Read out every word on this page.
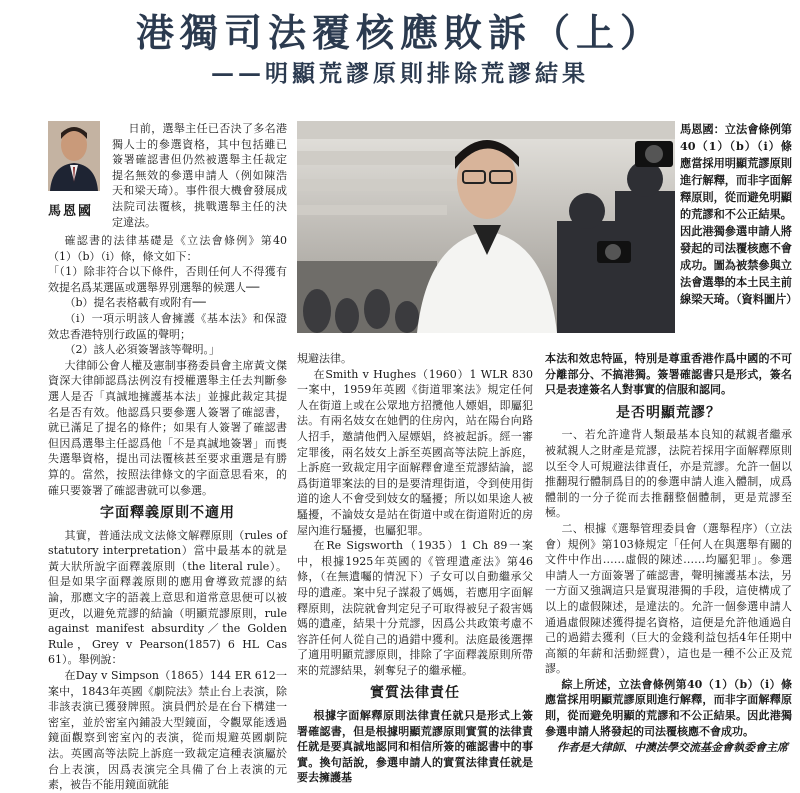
港獨司法覆核應敗訴（上）
——明顯荒謬原則排除荒謬結果
馬恩國

日前，選舉主任已否決了多名港獨人士的參選資格，其中包括雖已簽署確認書但仍然被選舉主任裁定提名無效的參選申請人（例如陳浩天和梁天琦）。事件很大機會發展成法院司法覆核，挑戰選舉主任的決定違法。

確認書的法律基礎是《立法會條例》第40（1）（b）（i）條，條文如下：

「（1）除非符合以下條件，否則任何人不得獲有效提名爲某選區或選舉界別選舉的候選人──

（b）提名表格載有或附有──

（i）一項示明該人會擁護《基本法》和保證效忠香港特別行政區的聲明；

（2）該人必須簽署該等聲明。」

大律師公會人權及憲制事務委員會主席黃文傑資深大律師認爲法例沒有授權選舉主任去判斷參選人是否「真誠地擁護基本法」並據此裁定其提名是否有效。他認爲只要參選人簽署了確認書，就已滿足了提名的條件；如果有人簽署了確認書但因爲選舉主任認爲他「不是真誠地簽署」而喪失選舉資格，提出司法覆核甚至要求重選是有勝算的。當然，按照法律條文的字面意思看來，的確只要簽署了確認書就可以參選。

字面釋義原則不適用

其實，普通法成文法條文解釋原則（rules of statutory interpretation）當中最基本的就是黃大狀所說字面釋義原則（the literal rule）。但是如果字面釋義原則的應用會導致荒謬的結論，那應文字的語義上意思和道常意思便可以被更改，以避免荒謬的結論（明顯荒謬原則，rule against manifest absurdity／the Golden Rule，Grey v Pearson(1857) 6 HL Cas 61）。舉例說：

在Day v Simpson（1865）144 ER 612一案中，1843年英國《劇院法》禁止台上表演，除非該表演已獲發牌照。演員們於是在台下構建一密室，並於密室內鋪設大型鏡面，令觀眾能透過鏡面觀察到密室內的表演，從而規避英國劇院法。英國高等法院上訴庭一致裁定這種表演屬於台上表演，因爲表演完全具備了台上表演的元素，被告不能用鏡面就能

馬恩國：立法會條例第40（1）（b）（i）條應當採用明顯荒謬原則進行解釋，而非字面解釋原則，從而避免明顯的荒謬和不公正結果。因此港獨參選申請人將發起的司法覆核應不會成功。圖為被禁參與立法會選舉的本土民主前線梁天琦。（資料圖片）

規避法律。

在Smith v Hughes（1960）1 WLR 830一案中，1959年英國《街道罪案法》規定任何人在街道上或在公眾地方招攬他人嫖娼，即屬犯法。有兩名妓女在她們的住房內，站在陽台向路人招手，邀請他們入屋嫖娼，終被起訴。經一審定罪後，兩名妓女上訴至英國高等法院上訴庭，上訴庭一致裁定用字面解釋會違至荒謬結論，認爲街道罪案法的目的是要清理街道，令到使用街道的途人不會受到妓女的騷擾；所以如果途人被騷擾，不論妓女是站在街道中或在街道附近的房屋內進行騷擾，也屬犯罪。

在Re Sigsworth（1935）1 Ch 89一案中，根據1925年英國的《管理遺產法》第46條，（在無遺囑的情況下）子女可以自動繼承父母的遺產。案中兒子謀殺了媽媽，若應用字面解釋原則，法院就會判定兒子可取得被兒子殺害媽媽的遺產，結果十分荒謬，因爲公共政策考慮不容許任何人從自己的過錯中獲利。法庭最後選擇了適用明顯荒謬原則，排除了字面釋義原則所帶來的荒謬結果，剝奪兒子的繼承權。

實質法律責任

根據字面解釋原則法律責任就只是形式上簽署確認書，但是根據明顯荒謬原則實質的法律責任就是要真誠地認同和相信所簽的確認書中的事實。換句話說，參選申請人的實質法律責任就是要去擁護基

本法和效忠特區，特別是尊重香港作爲中國的不可分離部分、不搞港獨。簽署確認書只是形式，簽名只是表達簽名人對事實的信服和認同。

是否明顯荒謬？

一、若允許違背人類最基本良知的弒親者繼承被弒親人之財產是荒謬，法院若採用字面解釋原則以至令人可規避法律責任，亦是荒謬。允許一個以推翻現行體制爲目的的參選申請人進入體制，成爲體制的一分子從而去推翻整個體制，更是荒謬至極。

二、根據《選舉管理委員會（選舉程序）（立法會）規例》第103條規定「任何人在與選舉有關的文件中作出……虛假的陳述……均屬犯罪」。參選申請人一方面簽署了確認書，聲明擁護基本法，另一方面又強調這只是實現港獨的手段，這使構成了以上的虛假陳述，是違法的。允許一個參選申請人通過虛假陳述獲得提名資格，這便是允許他通過自己的過錯去獲利（巨大的金錢利益包括4年任期中高額的年薪和活動經費），這也是一種不公正及荒謬。

綜上所述，立法會條例第40（1）（b）（i）條應當採用明顯荒謬原則進行解釋，而非字面解釋原則，從而避免明顯的荒謬和不公正結果。因此港獨參選申請人將發起的司法覆核應不會成功。

作者是大律師、中澳法學交流基金會執委會主席
